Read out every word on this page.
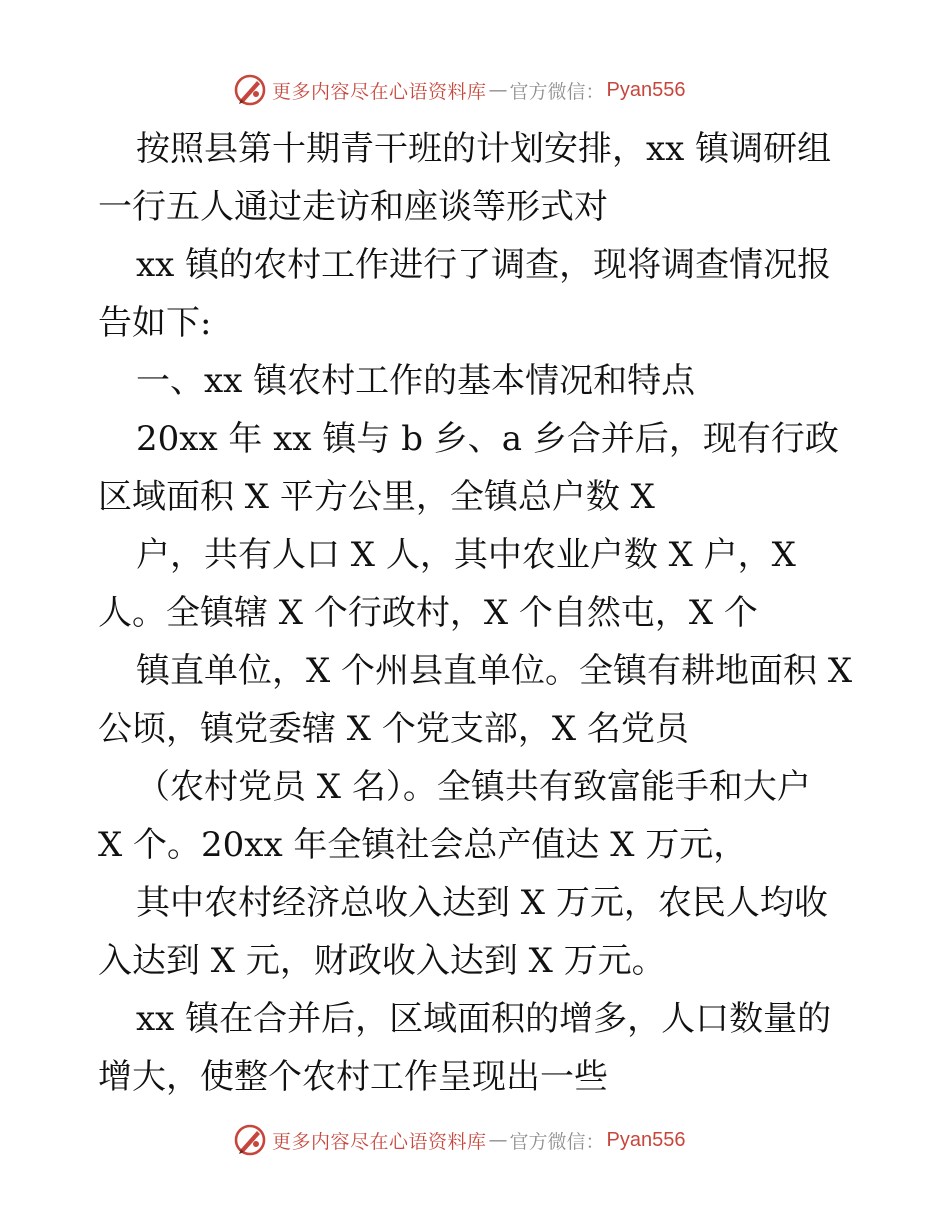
更多内容尽在心语资料库 — 官方微信： Pyan556
按照县第十期青干班的计划安排，xx 镇调研组
一行五人通过走访和座谈等形式对
xx 镇的农村工作进行了调查，现将调查情况报
告如下:
一、xx 镇农村工作的基本情况和特点
20xx 年 xx 镇与 b 乡、a 乡合并后，现有行政
区域面积 X 平方公里，全镇总户数 X
户，共有人口 X 人，其中农业户数 X 户，X
人。全镇辖 X 个行政村，X 个自然屯，X 个
镇直单位，X 个州县直单位。全镇有耕地面积 X
公顷，镇党委辖 X 个党支部，X 名党员
（农村党员 X 名）。全镇共有致富能手和大户
X 个。20xx 年全镇社会总产值达 X 万元，
其中农村经济总收入达到 X 万元，农民人均收
入达到 X 元，财政收入达到 X 万元。
xx 镇在合并后，区域面积的增多，人口数量的
增大，使整个农村工作呈现出一些
更多内容尽在心语资料库 — 官方微信： Pyan556
